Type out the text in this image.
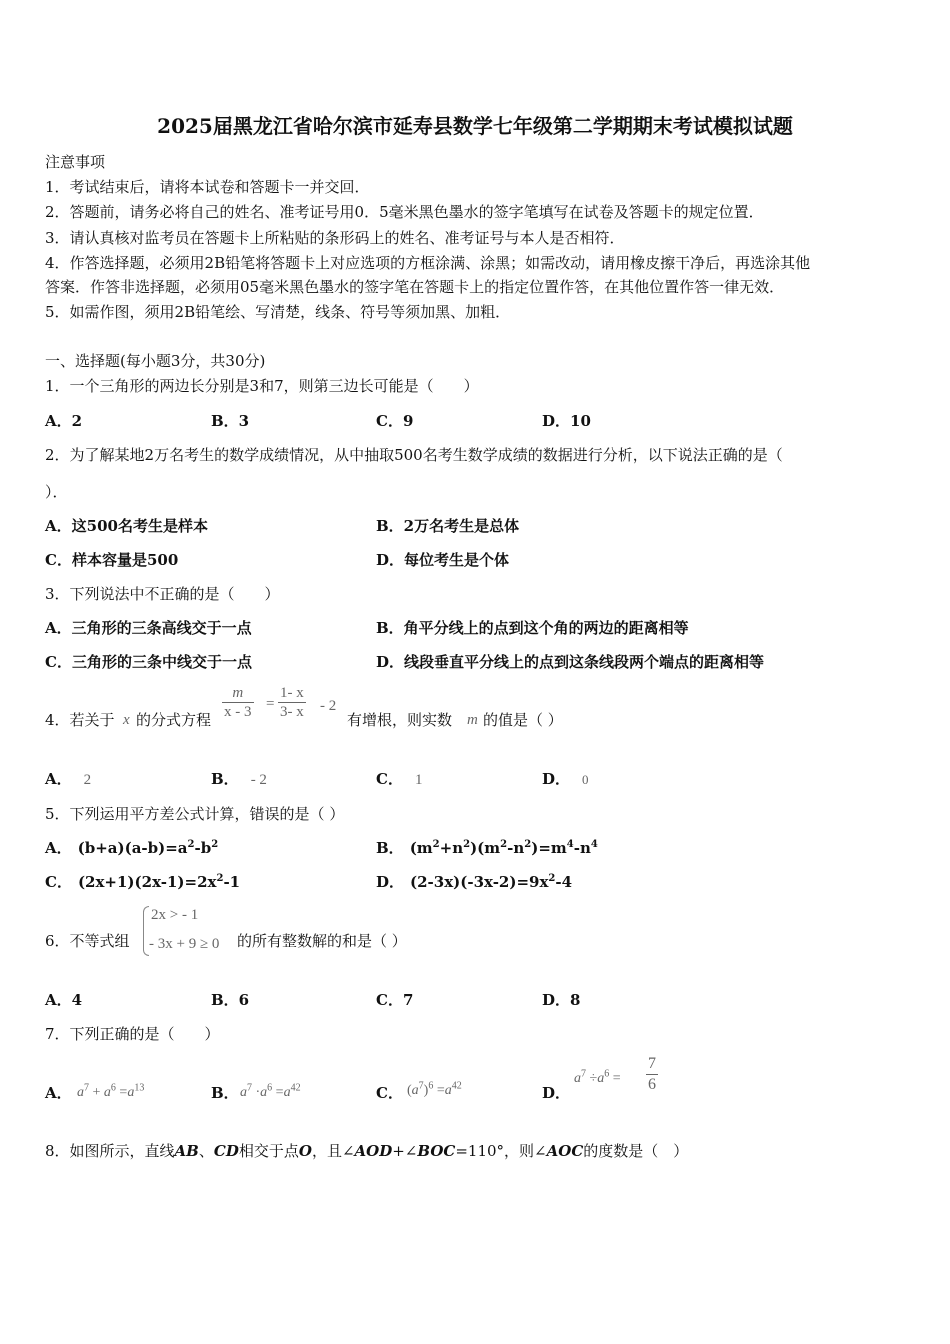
2025届黑龙江省哈尔滨市延寿县数学七年级第二学期期末考试模拟试题
注意事项
1．考试结束后，请将本试卷和答题卡一并交回．
2．答题前，请务必将自己的姓名、准考证号用0．5毫米黑色墨水的签字笔填写在试卷及答题卡的规定位置．
3．请认真核对监考员在答题卡上所粘贴的条形码上的姓名、准考证号与本人是否相符．
4．作答选择题，必须用2B铅笔将答题卡上对应选项的方框涂满、涂黑；如需改动，请用橡皮擦干净后，再选涂其他
答案．作答非选择题，必须用05毫米黑色墨水的签字笔在答题卡上的指定位置作答，在其他位置作答一律无效．
5．如需作图，须用2B铅笔绘、写清楚，线条、符号等须加黑、加粗．
一、选择题(每小题3分，共30分)
1．一个三角形的两边长分别是3和7，则第三边长可能是（　　）
A．2	B．3	C．9	D．10
2．为了解某地2万名考生的数学成绩情况，从中抽取500名考生数学成绩的数据进行分析，以下说法正确的是（
）．
A．这500名考生是样本	B．2万名考生是总体
C．样本容量是500	D．每位考生是个体
3．下列说法中不正确的是（　　）
A．三角形的三条高线交于一点	B．角平分线上的点到这个角的两边的距离相等
C．三角形的三条中线交于一点	D．线段垂直平分线上的点到这条线段两个端点的距离相等
4．若关于 x 的分式方程 $\frac{m}{x - 3} = \frac{1- x}{3- x} - 2$
有增根，则实数 m 的值是（ ）
A． 2	B． - 2	C． 1	D． 0
5．下列运用平方差公式计算，错误的是（ ）
A． $(b+a)(a-b)=a^2-b^2$	B． $(m^2+n^2)(m^2-n^2)=m^4-n^4$
C． $(2x+1)(2x-1)=2x^2-1$	D． $(2-3x)(-3x-2)=9x^2-4$
6．不等式组
2x > - 1
- 3x + 9 ≥ 0 的所有整数解的和是（ ）
A．4	B．6	C．7	D．8
7．下列正确的是（　　）
A． $a^7 + a^6 =a^{13}$	B． $a^7 \cdot a^6 =a^{42}$	C． $(a^7)^6 =a^{42}$	D．
$a^7 \div a^6 = \frac{7}{6}$
8．如图所示，直线AB、CD相交于点O，且∠AOD+∠BOC=110°，则∠AOC的度数是（　）
